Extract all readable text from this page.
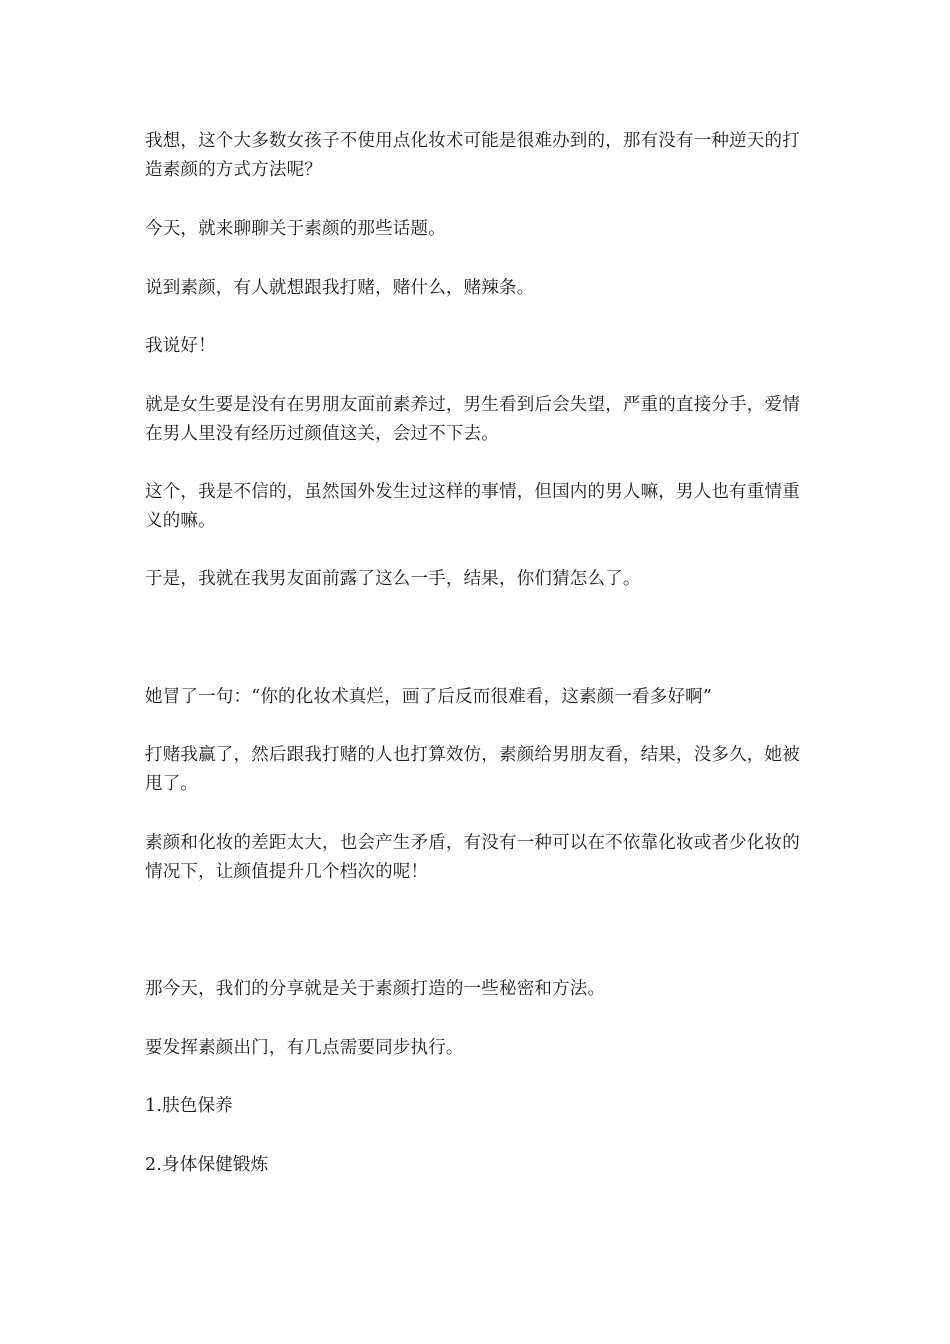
我想，这个大多数女孩子不使用点化妆术可能是很难办到的，那有没有一种逆天的打造素颜的方式方法呢？

今天，就来聊聊关于素颜的那些话题。

说到素颜，有人就想跟我打赌，赌什么，赌辣条。

我说好！

就是女生要是没有在男朋友面前素养过，男生看到后会失望，严重的直接分手，爱情在男人里没有经历过颜值这关，会过不下去。

这个，我是不信的，虽然国外发生过这样的事情，但国内的男人嘛，男人也有重情重义的嘛。

于是，我就在我男友面前露了这么一手，结果，你们猜怎么了。

她冒了一句：“你的化妆术真烂，画了后反而很难看，这素颜一看多好啊”

打赌我赢了，然后跟我打赌的人也打算效仿，素颜给男朋友看，结果，没多久，她被甩了。

素颜和化妆的差距太大，也会产生矛盾，有没有一种可以在不依靠化妆或者少化妆的情况下，让颜值提升几个档次的呢！

那今天，我们的分享就是关于素颜打造的一些秘密和方法。

要发挥素颜出门，有几点需要同步执行。

1.肤色保养

2.身体保健锻炼
